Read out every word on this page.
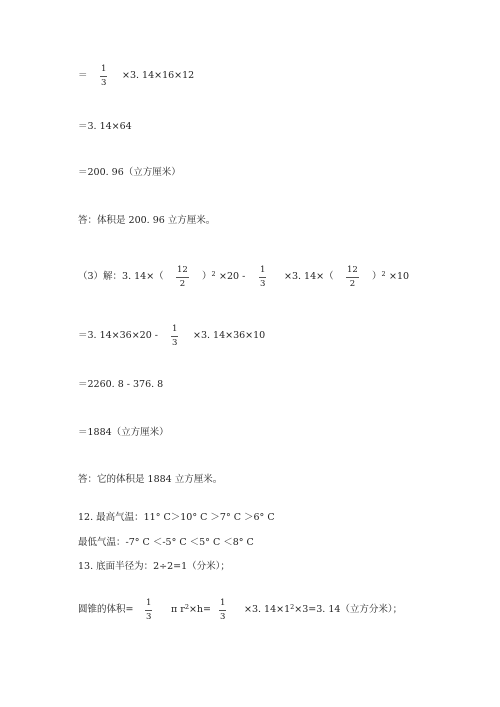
＝
1
3
×3. 14×16×12
＝3. 14×64
＝200. 96（立方厘米）
答：体积是 200. 96 立方厘米。
（3）解：3. 14×（
12
2
）$^2$ ×20 -
1
3
×3. 14×（
12
2
）$^2$ ×10
＝3. 14×36×20 -
1
3
×3. 14×36×10
＝2260. 8 - 376. 8
＝1884（立方厘米）
答：它的体积是 1884 立方厘米。
12. 最高气温：11° C＞10° C ＞7° C ＞6° C
最低气温：-7° C ＜-5° C ＜5° C ＜8° C
13. 底面半径为：2÷2=1（分米）；
圆锥的体积=
1
3
π $r^2\times h=$
1
3
×3. $14\times 1^2\times 3=3$. 14（立方分米）；
